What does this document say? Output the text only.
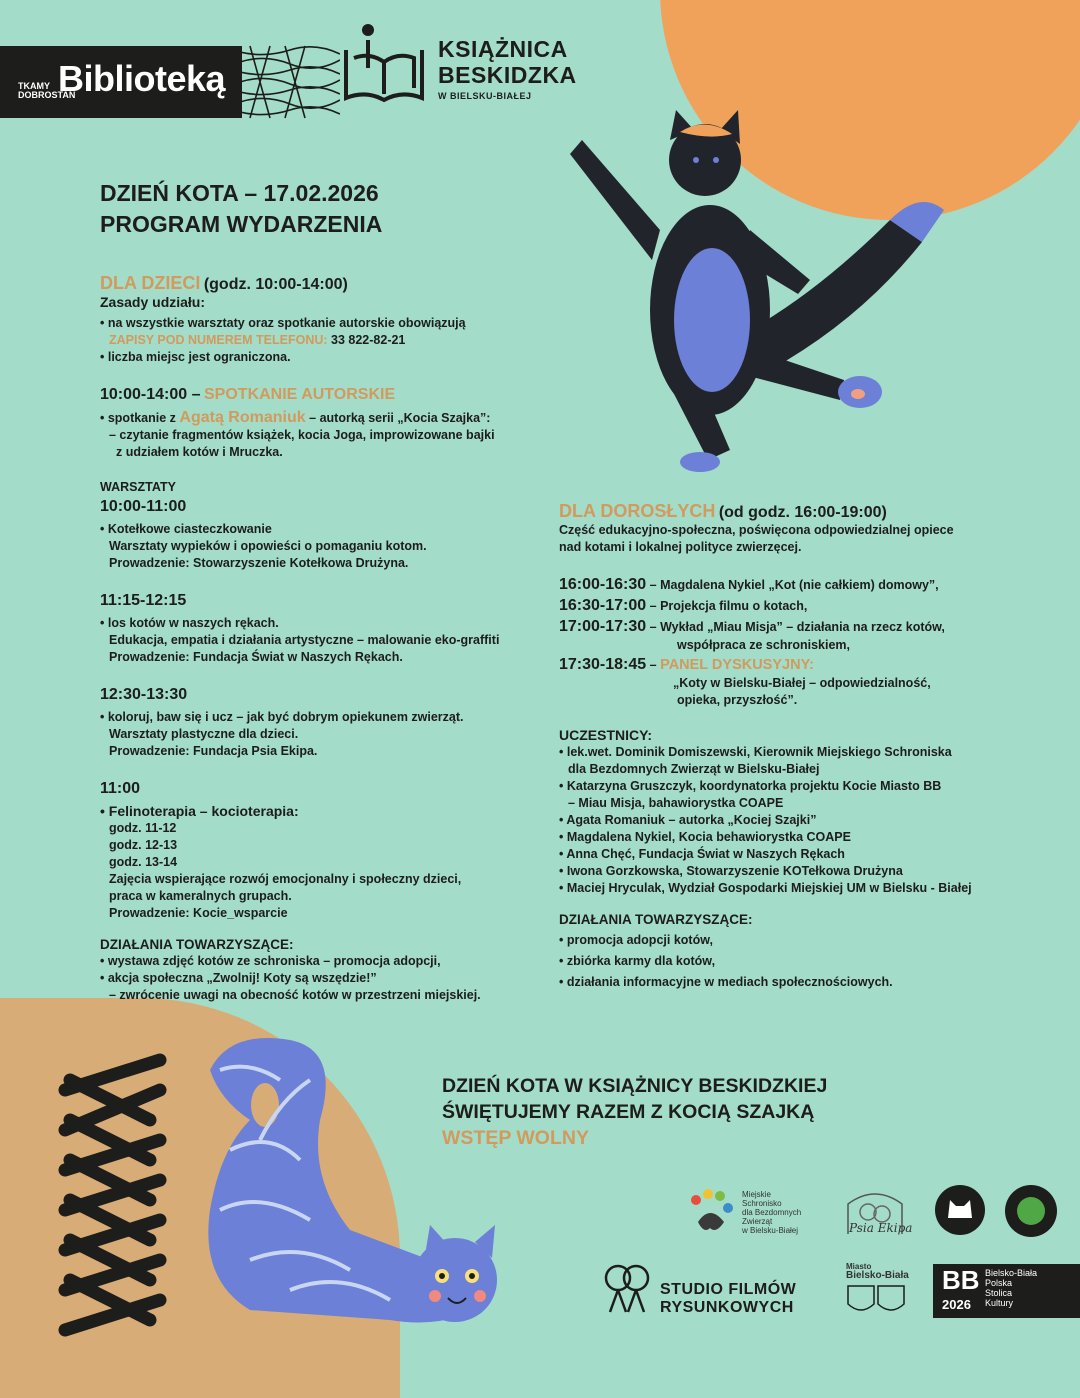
TKAMY DOBROSTAN
Biblioteką
KSIĄŻNICA
BESKIDZKA
W BIELSKU-BIAŁEJ
DZIEŃ KOTA – 17.02.2026
PROGRAM WYDARZENIA

DLA DZIECI (godz. 10:00-14:00)

Zasady udziału:

• na wszystkie warsztaty oraz spotkanie autorskie obowiązują

ZAPISY POD NUMEREM TELEFONU: 33 822-82-21

• liczba miejsc jest ograniczona.

10:00-14:00 – SPOTKANIE AUTORSKIE

• spotkanie z Agatą Romaniuk – autorką serii „Kocia Szajka”:

– czytanie fragmentów książek, kocia Joga, improwizowane bajki

z udziałem kotów i Mruczka.

WARSZTATY

10:00-11:00

• Kotełkowe ciasteczkowanie

Warsztaty wypieków i opowieści o pomaganiu kotom.

Prowadzenie: Stowarzyszenie Kotełkowa Drużyna.

11:15-12:15

• los kotów w naszych rękach.

Edukacja, empatia i działania artystyczne – malowanie eko-graffiti

Prowadzenie: Fundacja Świat w Naszych Rękach.

12:30-13:30

• koloruj, baw się i ucz – jak być dobrym opiekunem zwierząt.

Warsztaty plastyczne dla dzieci.

Prowadzenie: Fundacja Psia Ekipa.

11:00

• Felinoterapia – kocioterapia:

godz. 11-12

godz. 12-13

godz. 13-14

Zajęcia wspierające rozwój emocjonalny i społeczny dzieci,

praca w kameralnych grupach.

Prowadzenie: Kocie_wsparcie

DZIAŁANIA TOWARZYSZĄCE:

• wystawa zdjęć kotów ze schroniska – promocja adopcji,

• akcja społeczna „Zwolnij! Koty są wszędzie!”

– zwrócenie uwagi na obecność kotów w przestrzeni miejskiej.

DLA DOROSŁYCH (od godz. 16:00-19:00)

Część edukacyjno-społeczna, poświęcona odpowiedzialnej opiece

nad kotami i lokalnej polityce zwierzęcej.

16:00-16:30 – Magdalena Nykiel „Kot (nie całkiem) domowy”,

16:30-17:00 – Projekcja filmu o kotach,

17:00-17:30 – Wykład „Miau Misja” – działania na rzecz kotów,

współpraca ze schroniskiem,

17:30-18:45 – PANEL DYSKUSYJNY:

„Koty w Bielsku-Białej – odpowiedzialność,

opieka, przyszłość”.

UCZESTNICY:

• lek.wet. Dominik Domiszewski, Kierownik Miejskiego Schroniska

dla Bezdomnych Zwierząt w Bielsku-Białej

• Katarzyna Gruszczyk, koordynatorka projektu Kocie Miasto BB

– Miau Misja, bahawiorystka COAPE

• Agata Romaniuk – autorka „Kociej Szajki”

• Magdalena Nykiel, Kocia behawiorystka COAPE

• Anna Chęć, Fundacja Świat w Naszych Rękach

• Iwona Gorzkowska, Stowarzyszenie KOTełkowa Drużyna

• Maciej Hryculak, Wydział Gospodarki Miejskiej UM w Bielsku - Białej

DZIAŁANIA TOWARZYSZĄCE:

• promocja adopcji kotów,

• zbiórka karmy dla kotów,

• działania informacyjne w mediach społecznościowych.

DZIEŃ KOTA W KSIĄŻNICY BESKIDZKIEJ
ŚWIĘTUJEMY RAZEM Z KOCIĄ SZAJKĄ
WSTĘP WOLNY
Miejskie
Schronisko
dla Bezdomnych
Zwierząt
w Bielsku-Białej	Psia Ekipa
STUDIO FILMÓW
RYSUNKOWYCH
Miasto
Bielsko-Biała BB
2026
Bielsko-Biała
Polska
Stolica
Kultury
